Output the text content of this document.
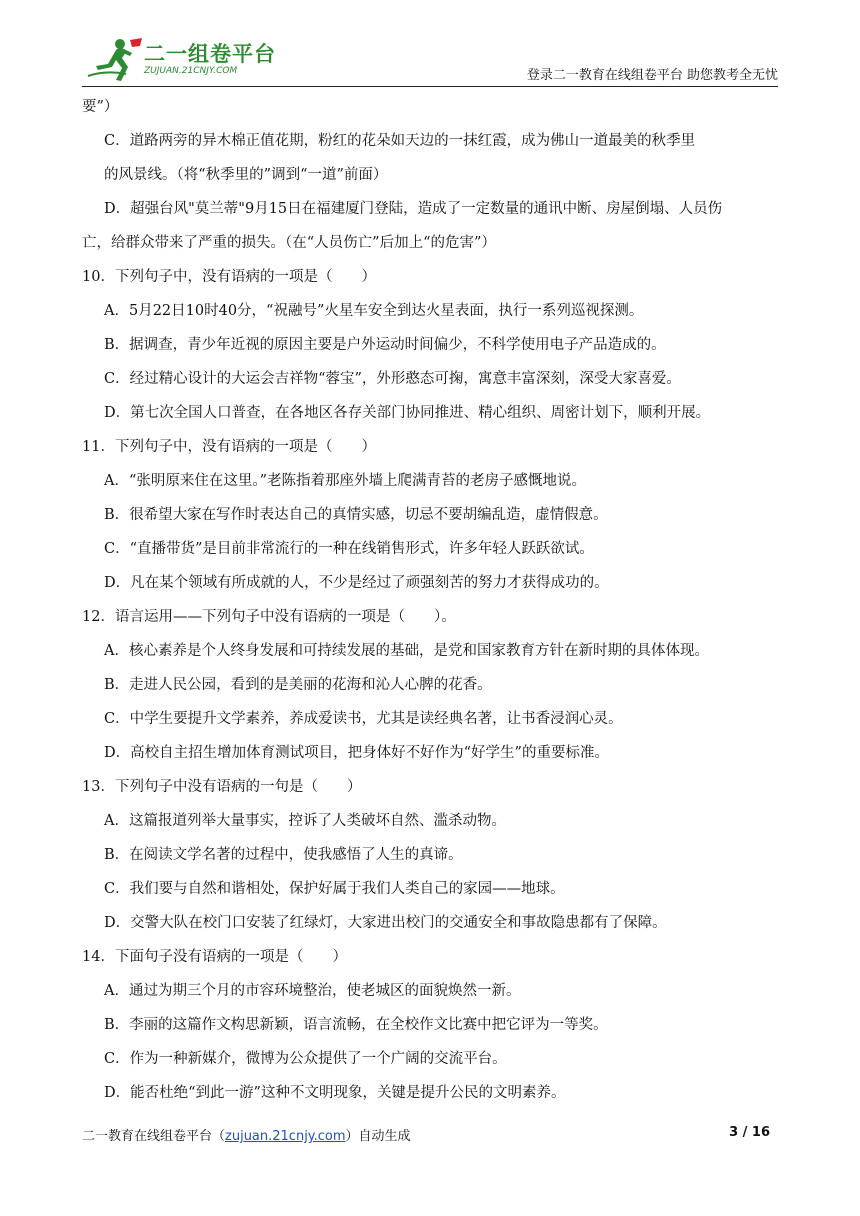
二一组卷平台
ZUJUAN.21CNJY.COM	登录二一教育在线组卷平台 助您教考全无忧
要”）
C．道路两旁的异木棉正值花期，粉红的花朵如天边的一抹红霞，成为佛山一道最美的秋季里
的风景线。（将“秋季里的”调到“一道”前面）
D．超强台风"莫兰蒂"9月15日在福建厦门登陆，造成了一定数量的通讯中断、房屋倒塌、人员伤
亡，给群众带来了严重的损失。（在“人员伤亡”后加上“的危害”）
10．下列句子中，没有语病的一项是（　　）
A．5月22日10时40分，“祝融号”火星车安全到达火星表面，执行一系列巡视探测。
B．据调查，青少年近视的原因主要是户外运动时间偏少，不科学使用电子产品造成的。
C．经过精心设计的大运会吉祥物“蓉宝”，外形憨态可掬，寓意丰富深刻，深受大家喜爱。
D．第七次全国人口普查，在各地区各存关部门协同推进、精心组织、周密计划下，顺利开展。
11．下列句子中，没有语病的一项是（　　）
A．“张明原来住在这里。”老陈指着那座外墙上爬满青苔的老房子感慨地说。
B．很希望大家在写作时表达自己的真情实感，切忌不要胡编乱造，虚情假意。
C．“直播带货”是目前非常流行的一种在线销售形式，许多年轻人跃跃欲试。
D．凡在某个领域有所成就的人，不少是经过了顽强刻苦的努力才获得成功的。
12．语言运用——下列句子中没有语病的一项是（　　）。
A．核心素养是个人终身发展和可持续发展的基础，是党和国家教育方针在新时期的具体体现。
B．走进人民公园，看到的是美丽的花海和沁人心脾的花香。
C．中学生要提升文学素养，养成爱读书，尤其是读经典名著，让书香浸润心灵。
D．高校自主招生增加体育测试项目，把身体好不好作为“好学生”的重要标准。
13．下列句子中没有语病的一句是（　　）
A．这篇报道列举大量事实，控诉了人类破坏自然、滥杀动物。
B．在阅读文学名著的过程中，使我感悟了人生的真谛。
C．我们要与自然和谐相处，保护好属于我们人类自己的家园——地球。
D．交警大队在校门口安装了红绿灯，大家进出校门的交通安全和事故隐患都有了保障。
14．下面句子没有语病的一项是（　　）
A．通过为期三个月的市容环境整治，使老城区的面貌焕然一新。
B．李丽的这篇作文构思新颖，语言流畅，在全校作文比赛中把它评为一等奖。
C．作为一种新媒介，微博为公众提供了一个广阔的交流平台。
D．能否杜绝“到此一游”这种不文明现象，关键是提升公民的文明素养。
二一教育在线组卷平台（zujuan.21cnjy.com）自动生成	3 / 16
